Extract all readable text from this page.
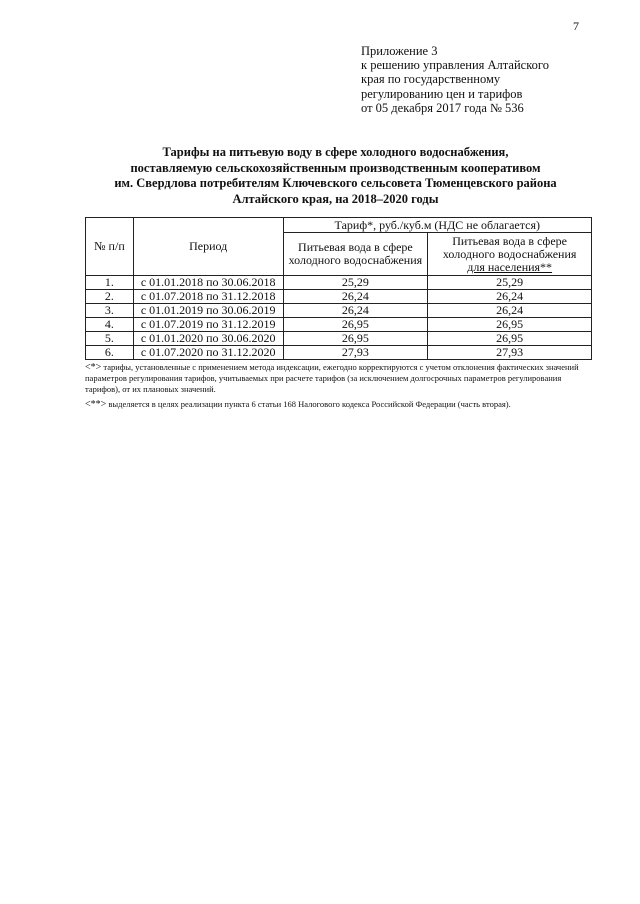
7
Приложение 3
к решению управления Алтайского
края по государственному
регулированию цен и тарифов
от 05 декабря 2017 года № 536
Тарифы на питьевую воду в сфере холодного водоснабжения,
поставляемую сельскохозяйственным производственным кооперативом
им. Свердлова потребителям Ключевского сельсовета Тюменцевского района
Алтайского края, на 2018–2020 годы
№ п/п	Период	Тариф*, руб./куб.м (НДС не облагается)	
		Питьевая вода в сфере холодного водоснабжения	Питьевая вода в сфере
холодного водоснабжения
для населения**
1.	с 01.01.2018 по 30.06.2018	25,29	25,29
2.	с 01.07.2018 по 31.12.2018	26,24	26,24
3.	с 01.01.2019 по 30.06.2019	26,24	26,24
4.	с 01.07.2019 по 31.12.2019	26,95	26,95
5.	с 01.01.2020 по 30.06.2020	26,95	26,95
6.	с 01.07.2020 по 31.12.2020	27,93	27,93

<*> тарифы, установленные с применением метода индексации, ежегодно корректируются с учетом отклонения фактических значений параметров регулирования тарифов, учитываемых при расчете тарифов (за исключением долгосрочных параметров регулирования тарифов), от их плановых значений.

<**> выделяется в целях реализации пункта 6 статьи 168 Налогового кодекса Российской Федерации (часть вторая).
